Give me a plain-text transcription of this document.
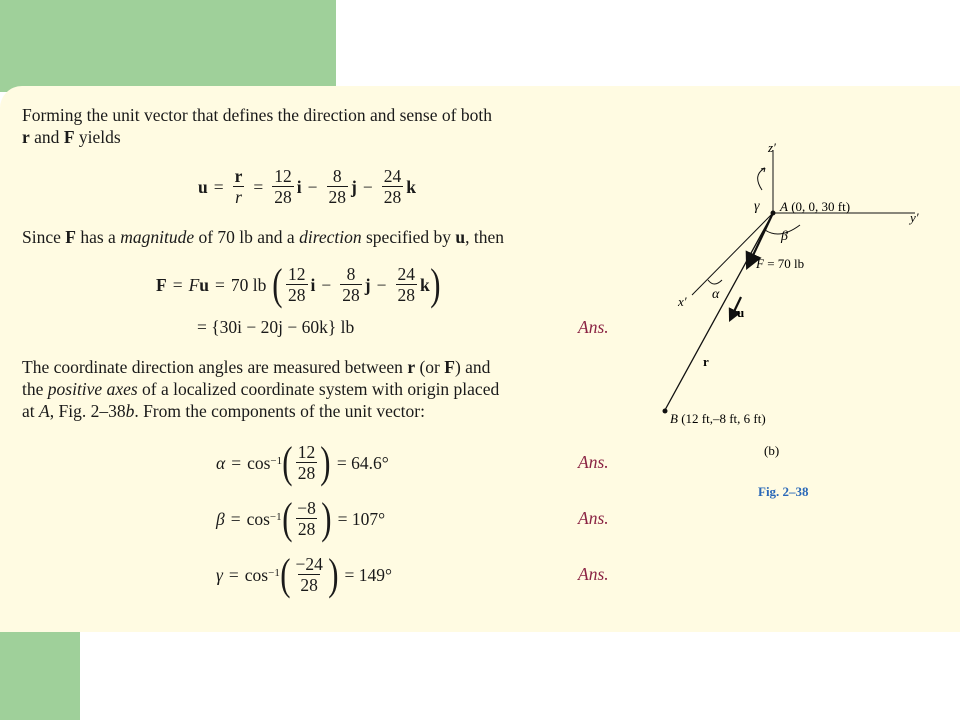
Forming the unit vector that defines the direction and sense of both
r and F yields
$u = \frac{r}{r} = \frac{12}{28}$ $i - \frac{8}{28}$ $j - \frac{24}{28}$ k
Since F has a magnitude of 70 lb and a direction specified by u, then
F = Fu = 70 lb ( $\frac{12}{28}$ $i - \frac{8}{28}$ $j - \frac{24}{28}$ k )
= {30i − 20j − 60k} lb	Ans.
The coordinate direction angles are measured between r (or F) and
the positive axes of a localized coordinate system with origin placed
at A, Fig. 2–38b. From the components of the unit vector:
α = cos −1 ( $\frac{12}{28}$ ) = 64.6°	Ans.
β = cos −1 ( $\frac{-8}{28}$ ) = 107°	Ans.
γ = cos −1 ( $\frac{-24}{28}$ ) = 149°	Ans.
z′
y′
x′
γ
β
α
A (0, 0, 30 ft)
F = 70 lb
u
r
B (12 ft,–8 ft, 6 ft)
(b)
Fig. 2–38
